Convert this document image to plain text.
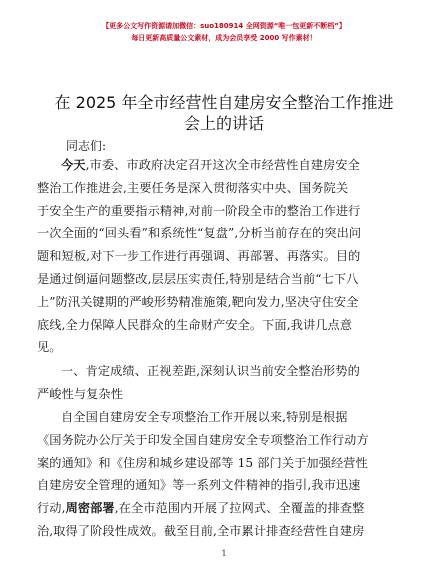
【更多公文写作资源请加微信：suo180914 全网资源“唯一包更新不断档”】
每日更新高质量公文素材，成为会员享受 2000 写作素材！
在 2025 年全市经营性自建房安全整治工作推进
会上的讲话
同志们:
今天,市委、市政府决定召开这次全市经营性自建房安全
整治工作推进会,主要任务是深入贯彻落实中央、国务院关
于安全生产的重要指示精神,对前一阶段全市的整治工作进行
一次全面的“回头看”和系统性“复盘”,分析当前存在的突出问
题和短板,对下一步工作进行再强调、再部署、再落实。目的
是通过倒逼问题整改,层层压实责任,特别是结合当前“七下八
上”防汛关键期的严峻形势精准施策,靶向发力,坚决守住安全
底线,全力保障人民群众的生命财产安全。下面,我讲几点意
见。
一、肯定成绩、正视差距,深刻认识当前安全整治形势的
严峻性与复杂性
自全国自建房安全专项整治工作开展以来,特别是根据
《国务院办公厅关于印发全国自建房安全专项整治工作行动方
案的通知》和《住房和城乡建设部等 15 部门关于加强经营性
自建房安全管理的通知》等一系列文件精神的指引,我市迅速
行动,周密部署,在全市范围内开展了拉网式、全覆盖的排查整
治,取得了阶段性成效。截至目前,全市累计排查经营性自建房
1
